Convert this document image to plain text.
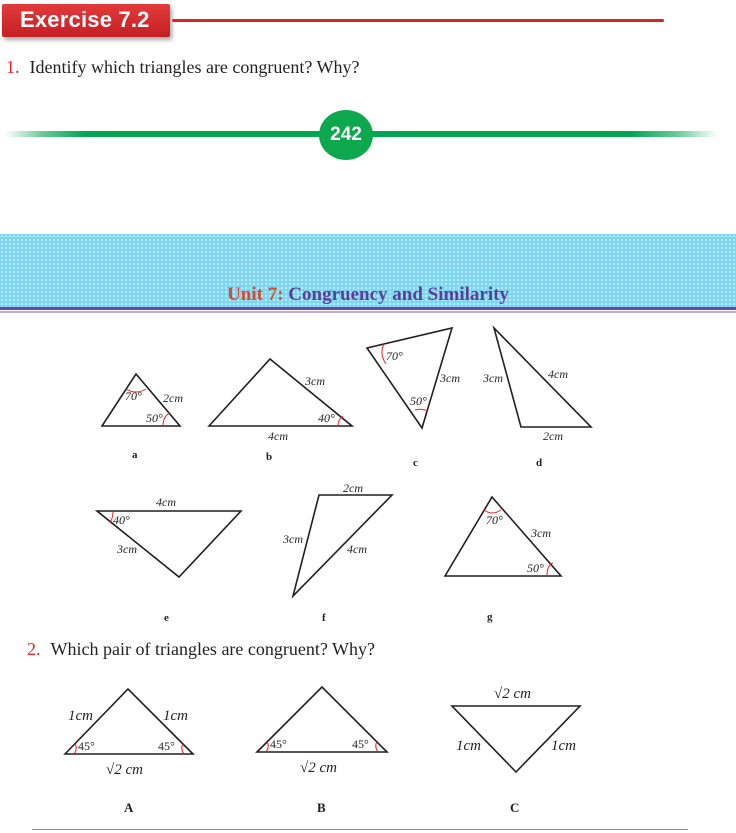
Exercise 7.2
1. Identify which triangles are congruent? Why?
242
Unit 7: Congruency and Similarity
70°
50°
2cm
a
3cm
40°
4cm
b
70°
50°
3cm
c
3cm	4cm
2cm
d
4cm
40°
3cm
e
2cm
3cm
4cm
f
70°
3cm
50°
g
1cm	1cm
45°	45°
√2 cm
A
45°	45°
√2 cm
B
√2 cm
1cm	1cm
C
2. Which pair of triangles are congruent? Why?
